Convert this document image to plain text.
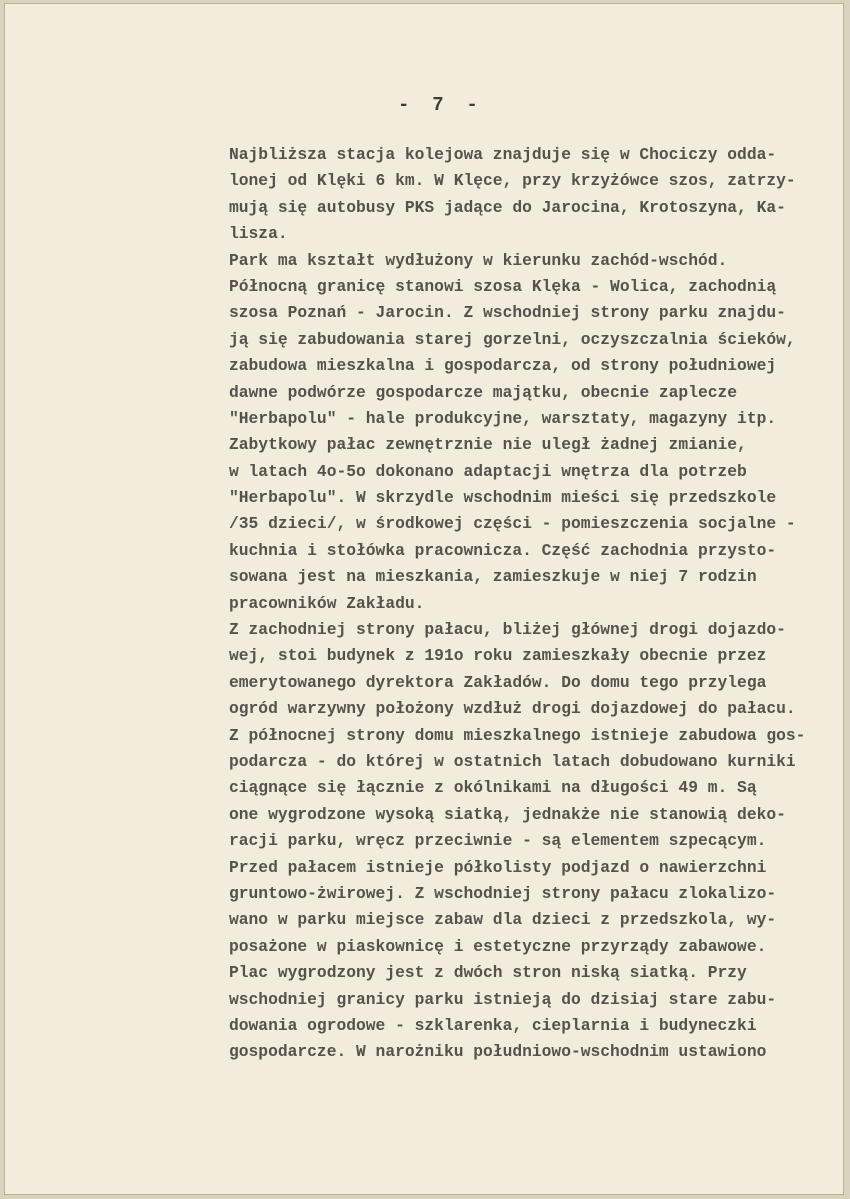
-  7  -
Najbliższa stacja kolejowa znajduje się w Chociczy odda-
lonej od Klęki 6 km. W Klęce, przy krzyżówce szos, zatrzy-
mują się autobusy PKS jadące do Jarocina, Krotoszyna, Ka-
lisza.
Park ma kształt wydłużony w kierunku zachód-wschód.
Północną granicę stanowi szosa Klęka - Wolica, zachodnią
szosa Poznań - Jarocin. Z wschodniej strony parku znajdu-
ją się zabudowania starej gorzelni, oczyszczalnia ścieków,
zabudowa mieszkalna i gospodarcza, od strony południowej
dawne podwórze gospodarcze majątku, obecnie zaplecze
"Herbapolu" - hale produkcyjne, warsztaty, magazyny itp.
Zabytkowy pałac zewnętrznie nie uległ żadnej zmianie,
w latach 4o-5o dokonano adaptacji wnętrza dla potrzeb
"Herbapolu". W skrzydle wschodnim mieści się przedszkole
/35 dzieci/, w środkowej części - pomieszczenia socjalne -
kuchnia i stołówka pracownicza. Część zachodnia przysto-
sowana jest na mieszkania, zamieszkuje w niej 7 rodzin
pracowników Zakładu.
Z zachodniej strony pałacu, bliżej głównej drogi dojazdo-
wej, stoi budynek z 191o roku zamieszkały obecnie przez
emerytowanego dyrektora Zakładów. Do domu tego przylega
ogród warzywny położony wzdłuż drogi dojazdowej do pałacu.
Z północnej strony domu mieszkalnego istnieje zabudowa gos-
podarcza - do której w ostatnich latach dobudowano kurniki
ciągnące się łącznie z okólnikami na długości 49 m. Są
one wygrodzone wysoką siatką, jednakże nie stanowią deko-
racji parku, wręcz przeciwnie - są elementem szpecącym.
Przed pałacem istnieje półkolisty podjazd o nawierzchni
gruntowo-żwirowej. Z wschodniej strony pałacu zlokalizo-
wano w parku miejsce zabaw dla dzieci z przedszkola, wy-
posażone w piaskownicę i estetyczne przyrządy zabawowe.
Plac wygrodzony jest z dwóch stron niską siatką. Przy
wschodniej granicy parku istnieją do dzisiaj stare zabu-
dowania ogrodowe - szklarenka, cieplarnia i budyneczki
gospodarcze. W narożniku południowo-wschodnim ustawiono
